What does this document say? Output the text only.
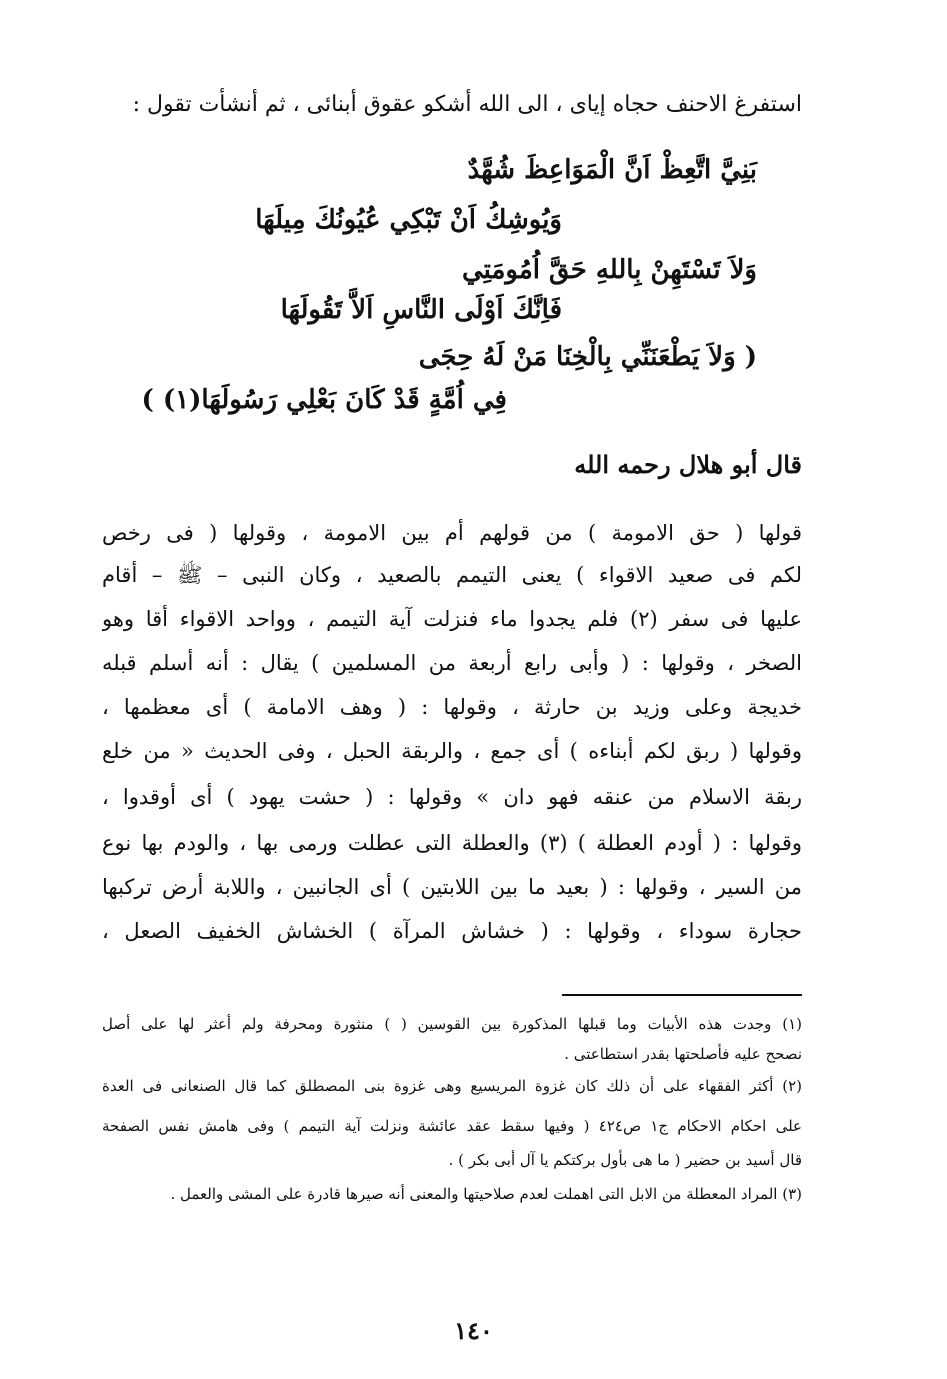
استفرغ الاحنف حجاه إياى ، الى الله أشكو عقوق أبنائى ، ثم أنشأت تقول :
بَنِيَّ اتَّعِظْ اَنَّ الْمَوَاعِظَ شُهَّدٌ
وَيُوشِكُ اَنْ تَبْكِي عُيُونُكَ مِيلَهَا
وَلاَ تَسْتَهِنْ بِاللهِ حَقَّ اُمُومَتِي
فَاِنَّكَ اَوْلَى النَّاسِ اَلاَّ تَقُولَهَا
( وَلاَ يَطْعَنَنِّي بِالْخِنَا مَنْ لَهُ حِجَى
فِي اُمَّةٍ قَدْ كَانَ بَعْلِي رَسُولَهَا(١) )
قال أبو هلال رحمه الله
قولها ( حق الامومة ) من قولهم أم بين الامومة ، وقولها ( فى رخص
لكم فى صعيد الاقواء ) يعنى التيمم بالصعيد ، وكان النبى – ﷺ – أقام
عليها فى سفر (٢) فلم يجدوا ماء فنزلت آية التيمم ، وواحد الاقواء أقا وهو
الصخر ، وقولها : ( وأبى رابع أربعة من المسلمين ) يقال : أنه أسلم قبله
خديجة وعلى وزيد بن حارثة ، وقولها : ( وهف الامامة ) أى معظمها ،
وقولها ( ربق لكم أبناءه ) أى جمع ، والربقة الحبل ، وفى الحديث « من خلع
ربقة الاسلام من عنقه فهو دان » وقولها : ( حشت يهود ) أى أوقدوا ،
وقولها : ( أودم العطلة ) (٣) والعطلة التى عطلت ورمى بها ، والودم بها نوع
من السير ، وقولها : ( بعيد ما بين اللابتين ) أى الجانبين ، واللابة أرض تركبها
حجارة سوداء ، وقولها : ( خشاش المرآة ) الخشاش الخفيف الصعل ،
(١) وجدت هذه الأبيات وما قبلها المذكورة بين القوسين ( ) منثورة ومحرفة ولم أعثر لها على أصل
نصحح عليه فأصلحتها بقدر استطاعتى .
(٢) أكثر الفقهاء على أن ذلك كان غزوة المريسيع وهى غزوة بنى المصطلق كما قال الصنعانى فى العدة
على احكام الاحكام ج١ ص٤٢٤ ( وفيها سقط عقد عائشة ونزلت آية التيمم ) وفى هامش نفس الصفحة
قال أسيد بن حضير ( ما هى بأول بركتكم يا آل أبى بكر ) .
(٣) المراد المعطلة من الابل التى اهملت لعدم صلاحيتها والمعنى أنه صيرها قادرة على المشى والعمل .
١٤٠
